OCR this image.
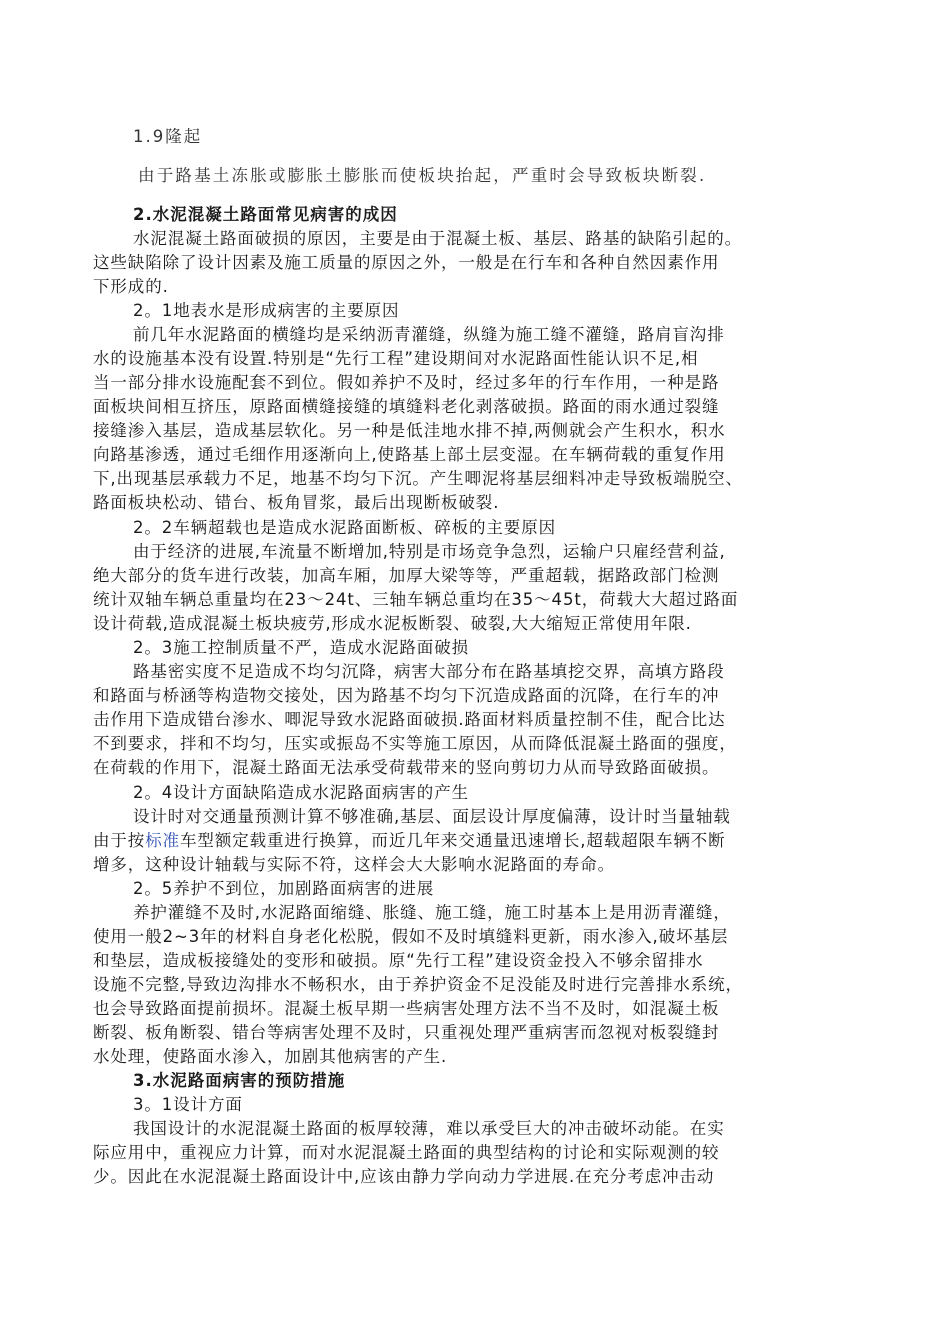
1.9隆起
由于路基土冻胀或膨胀土膨胀而使板块抬起，严重时会导致板块断裂.
2.水泥混凝土路面常见病害的成因
水泥混凝土路面破损的原因，主要是由于混凝土板、基层、路基的缺陷引起的。
这些缺陷除了设计因素及施工质量的原因之外，一般是在行车和各种自然因素作用
下形成的.
2。1地表水是形成病害的主要原因
前几年水泥路面的横缝均是采纳沥青灌缝，纵缝为施工缝不灌缝，路肩盲沟排
水的设施基本没有设置.特别是“先行工程”建设期间对水泥路面性能认识不足,相
当一部分排水设施配套不到位。假如养护不及时，经过多年的行车作用，一种是路
面板块间相互挤压，原路面横缝接缝的填缝料老化剥落破损。路面的雨水通过裂缝
接缝渗入基层，造成基层软化。另一种是低洼地水排不掉,两侧就会产生积水，积水
向路基渗透，通过毛细作用逐渐向上,使路基上部土层变湿。在车辆荷载的重复作用
下,出现基层承载力不足，地基不均匀下沉。产生唧泥将基层细料冲走导致板端脱空、
路面板块松动、错台、板角冒浆，最后出现断板破裂.
2。2车辆超载也是造成水泥路面断板、碎板的主要原因
由于经济的进展,车流量不断增加,特别是市场竞争急烈，运输户只雇经营利益,
绝大部分的货车进行改装，加高车厢，加厚大梁等等，严重超载，据路政部门检测
统计双轴车辆总重量均在23～24t、三轴车辆总重均在35～45t，荷载大大超过路面
设计荷载,造成混凝土板块疲劳,形成水泥板断裂、破裂,大大缩短正常使用年限.
2。3施工控制质量不严，造成水泥路面破损
路基密实度不足造成不均匀沉降，病害大部分布在路基填挖交界，高填方路段
和路面与桥涵等构造物交接处，因为路基不均匀下沉造成路面的沉降，在行车的冲
击作用下造成错台渗水、唧泥导致水泥路面破损.路面材料质量控制不佳，配合比达
不到要求，拌和不均匀，压实或振岛不实等施工原因，从而降低混凝土路面的强度，
在荷载的作用下，混凝土路面无法承受荷载带来的竖向剪切力从而导致路面破损。
2。4设计方面缺陷造成水泥路面病害的产生
设计时对交通量预测计算不够准确,基层、面层设计厚度偏薄，设计时当量轴载
由于按标准车型额定载重进行换算，而近几年来交通量迅速增长,超载超限车辆不断
增多，这种设计轴载与实际不符，这样会大大影响水泥路面的寿命。
2。5养护不到位，加剧路面病害的进展
养护灌缝不及时,水泥路面缩缝、胀缝、施工缝，施工时基本上是用沥青灌缝，
使用一般2~3年的材料自身老化松脱，假如不及时填缝料更新，雨水渗入,破坏基层
和垫层，造成板接缝处的变形和破损。原“先行工程”建设资金投入不够余留排水
设施不完整,导致边沟排水不畅积水，由于养护资金不足没能及时进行完善排水系统，
也会导致路面提前损坏。混凝土板早期一些病害处理方法不当不及时，如混凝土板
断裂、板角断裂、错台等病害处理不及时，只重视处理严重病害而忽视对板裂缝封
水处理，使路面水渗入，加剧其他病害的产生.
3.水泥路面病害的预防措施
3。1设计方面
我国设计的水泥混凝土路面的板厚较薄，难以承受巨大的冲击破坏动能。在实
际应用中，重视应力计算，而对水泥混凝土路面的典型结构的讨论和实际观测的较
少。因此在水泥混凝土路面设计中,应该由静力学向动力学进展.在充分考虑冲击动
